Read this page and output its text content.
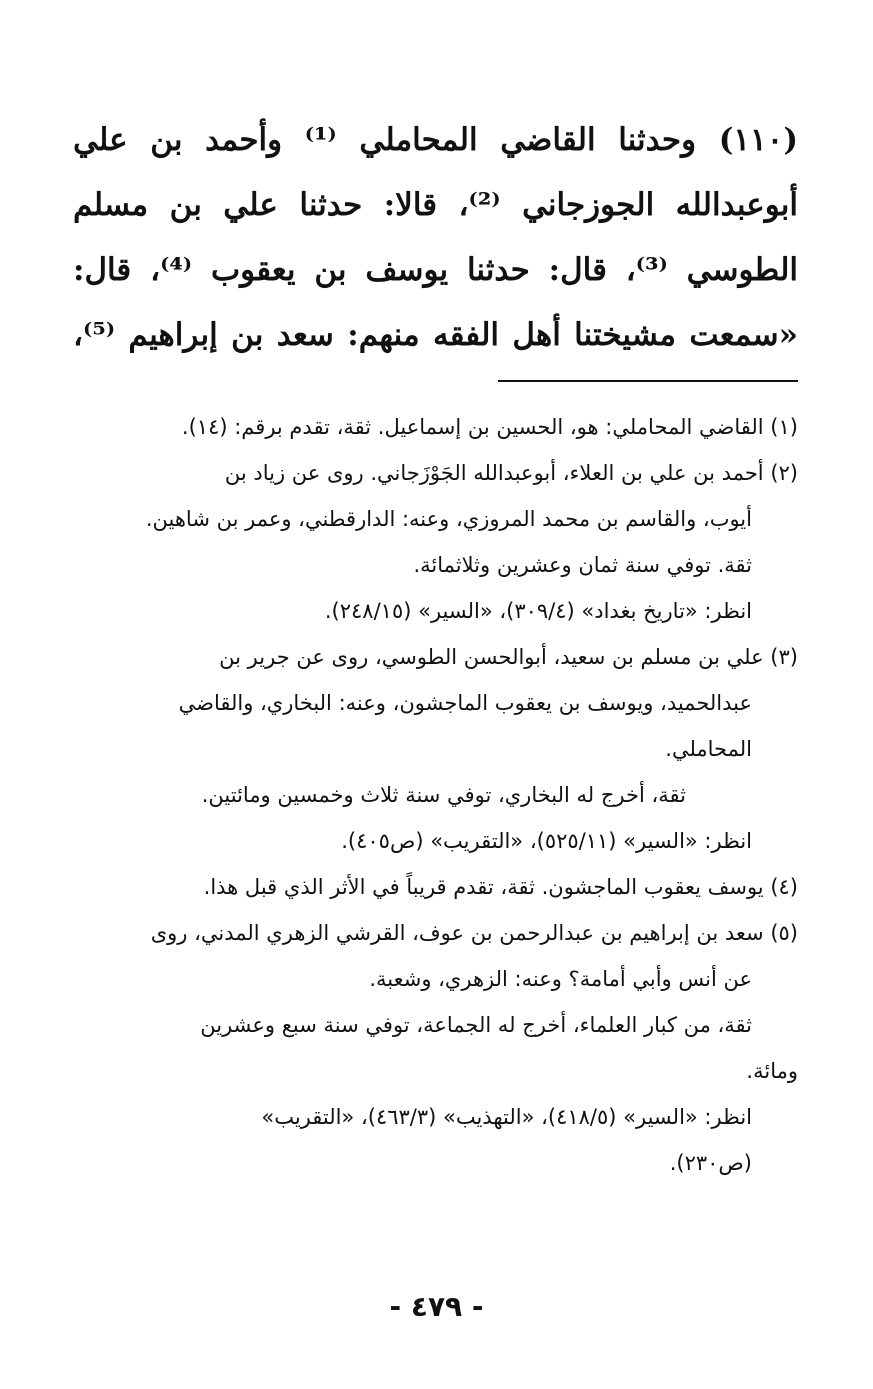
(١١٠) وحدثنا القاضي المحاملي ⁽¹⁾ وأحمد بن علي
أبوعبدالله الجوزجاني ⁽²⁾، قالا: حدثنا علي بن مسلم
الطوسي ⁽³⁾، قال: حدثنا يوسف بن يعقوب ⁽⁴⁾، قال:
«سمعت مشيختنا أهل الفقه منهم: سعد بن إبراهيم ⁽⁵⁾،
(١) القاضي المحاملي: هو، الحسين بن إسماعيل. ثقة، تقدم برقم: (١٤).
(٢) أحمد بن علي بن العلاء، أبوعبدالله الجَوْزَجاني. روى عن زياد بن
أيوب، والقاسم بن محمد المروزي، وعنه: الدارقطني، وعمر بن شاهين.
ثقة. توفي سنة ثمان وعشرين وثلاثمائة.
انظر: «تاريخ بغداد» (٣٠٩/٤)، «السير» (٢٤٨/١٥).
(٣) علي بن مسلم بن سعيد، أبوالحسن الطوسي، روى عن جرير بن
عبدالحميد، ويوسف بن يعقوب الماجشون، وعنه: البخاري، والقاضي
المحاملي.
ثقة، أخرج له البخاري، توفي سنة ثلاث وخمسين ومائتين.
انظر: «السير» (٥٢٥/١١)، «التقريب» (ص٤٠٥).
(٤) يوسف يعقوب الماجشون. ثقة، تقدم قريباً في الأثر الذي قبل هذا.
(٥) سعد بن إبراهيم بن عبدالرحمن بن عوف، القرشي الزهري المدني، روى
عن أنس وأبي أمامة؟ وعنه: الزهري، وشعبة.
ثقة، من كبار العلماء، أخرج له الجماعة، توفي سنة سبع وعشرين
ومائة.
انظر: «السير» (٤١٨/٥)، «التهذيب» (٤٦٣/٣)، «التقريب»
(ص٢٣٠).
- ٤٧٩ -
